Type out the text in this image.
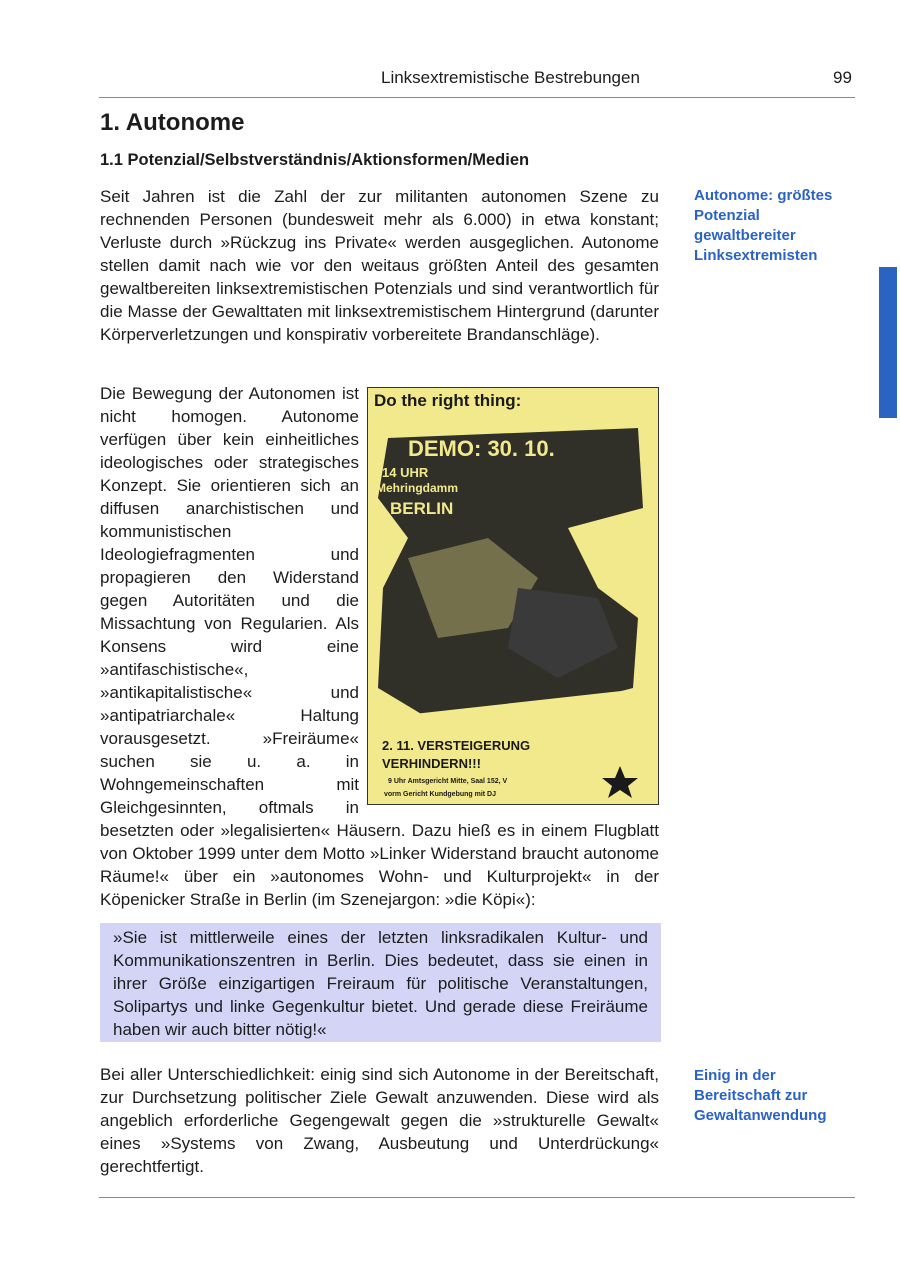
Linksextremistische Bestrebungen	99
1. Autonome
1.1 Potenzial/Selbstverständnis/Aktionsformen/Medien

Seit Jahren ist die Zahl der zur militanten autonomen Szene zu rechnenden Personen (bundesweit mehr als 6.000) in etwa konstant; Verluste durch »Rückzug ins Private« werden ausgeglichen. Autonome stellen damit nach wie vor den weitaus größten Anteil des gesamten gewaltbereiten linksextremistischen Potenzials und sind verantwortlich für die Masse der Gewalttaten mit linksextremistischem Hintergrund (darunter Körperverletzungen und konspirativ vorbereitete Brandanschläge).

Autonome: größtes Potenzial gewaltbereiter Linksextremisten
Do the right thing:
KÖPI VERTEIDIGEN!
DEMO: 30. 10.
14 UHR
Mehringdamm
BERLIN
2. 11. VERSTEIGERUNG
VERHINDERN!!!
9 Uhr Amtsgericht Mitte, Saal 152, V
vorm Gericht Kundgebung mit DJ
Die Bewegung der Autonomen ist nicht homogen. Autonome verfügen über kein einheitliches ideologisches oder strategisches Konzept. Sie orientieren sich an diffusen anarchistischen und kommunistischen Ideologiefragmenten und propagieren den Widerstand gegen Autoritäten und die Missachtung von Regularien. Als Konsens wird eine »antifaschistische«, »antikapitalistische« und »antipatriarchale« Haltung vorausgesetzt. »Freiräume« suchen sie u. a. in Wohngemeinschaften mit Gleichgesinnten, oftmals in besetzten oder »legalisierten« Häusern. Dazu hieß es in einem Flugblatt von Oktober 1999 unter dem Motto »Linker Widerstand braucht autonome Räume!« über ein »autonomes Wohn- und Kulturprojekt« in der Köpenicker Straße in Berlin (im Szenejargon: »die Köpi«):
»Sie ist mittlerweile eines der letzten linksradikalen Kultur- und Kommunikationszentren in Berlin. Dies bedeutet, dass sie einen in ihrer Größe einzigartigen Freiraum für politische Veranstaltungen, Solipartys und linke Gegenkultur bietet. Und gerade diese Freiräume haben wir auch bitter nötig!«

Bei aller Unterschiedlichkeit: einig sind sich Autonome in der Bereitschaft, zur Durchsetzung politischer Ziele Gewalt anzuwenden. Diese wird als angeblich erforderliche Gegengewalt gegen die »strukturelle Gewalt« eines »Systems von Zwang, Ausbeutung und Unterdrückung« gerechtfertigt.

Einig in der Bereitschaft zur Gewaltanwendung
